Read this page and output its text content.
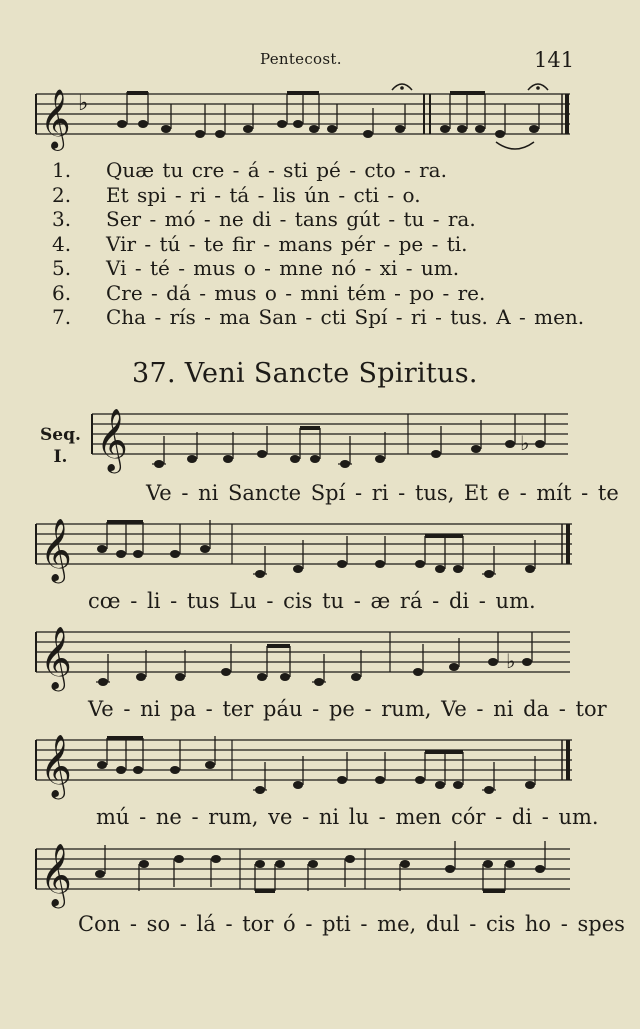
Pentecost.	141
𝄞 ♭
1.	Quæ tu cre - á - sti pé - cto - ra.
2.	Et spi - ri - tá - lis ún - cti - o.
3.	Ser - mó - ne di - tans gút - tu - ra.
4.	Vir - tú - te fir - mans pér - pe - ti.
5.	Vi - té - mus o - mne nó - xi - um.
6.	Cre - dá - mus o - mni tém - po - re.
7.	Cha - rís - ma San - cti Spí - ri - tus. A - men.
37. Veni Sancte Spiritus.
Seq.
I. 𝄞	♭
Ve - ni Sancte Spí - ri - tus, Et e - mít - te
𝄞
cœ - li - tus Lu - cis tu - æ rá - di - um.
𝄞	♭
Ve - ni pa - ter páu - pe - rum, Ve - ni da - tor
𝄞
mú - ne - rum, ve - ni lu - men cór - di - um.
𝄞
Con - so - lá - tor ó - pti - me, dul - cis ho - spes
